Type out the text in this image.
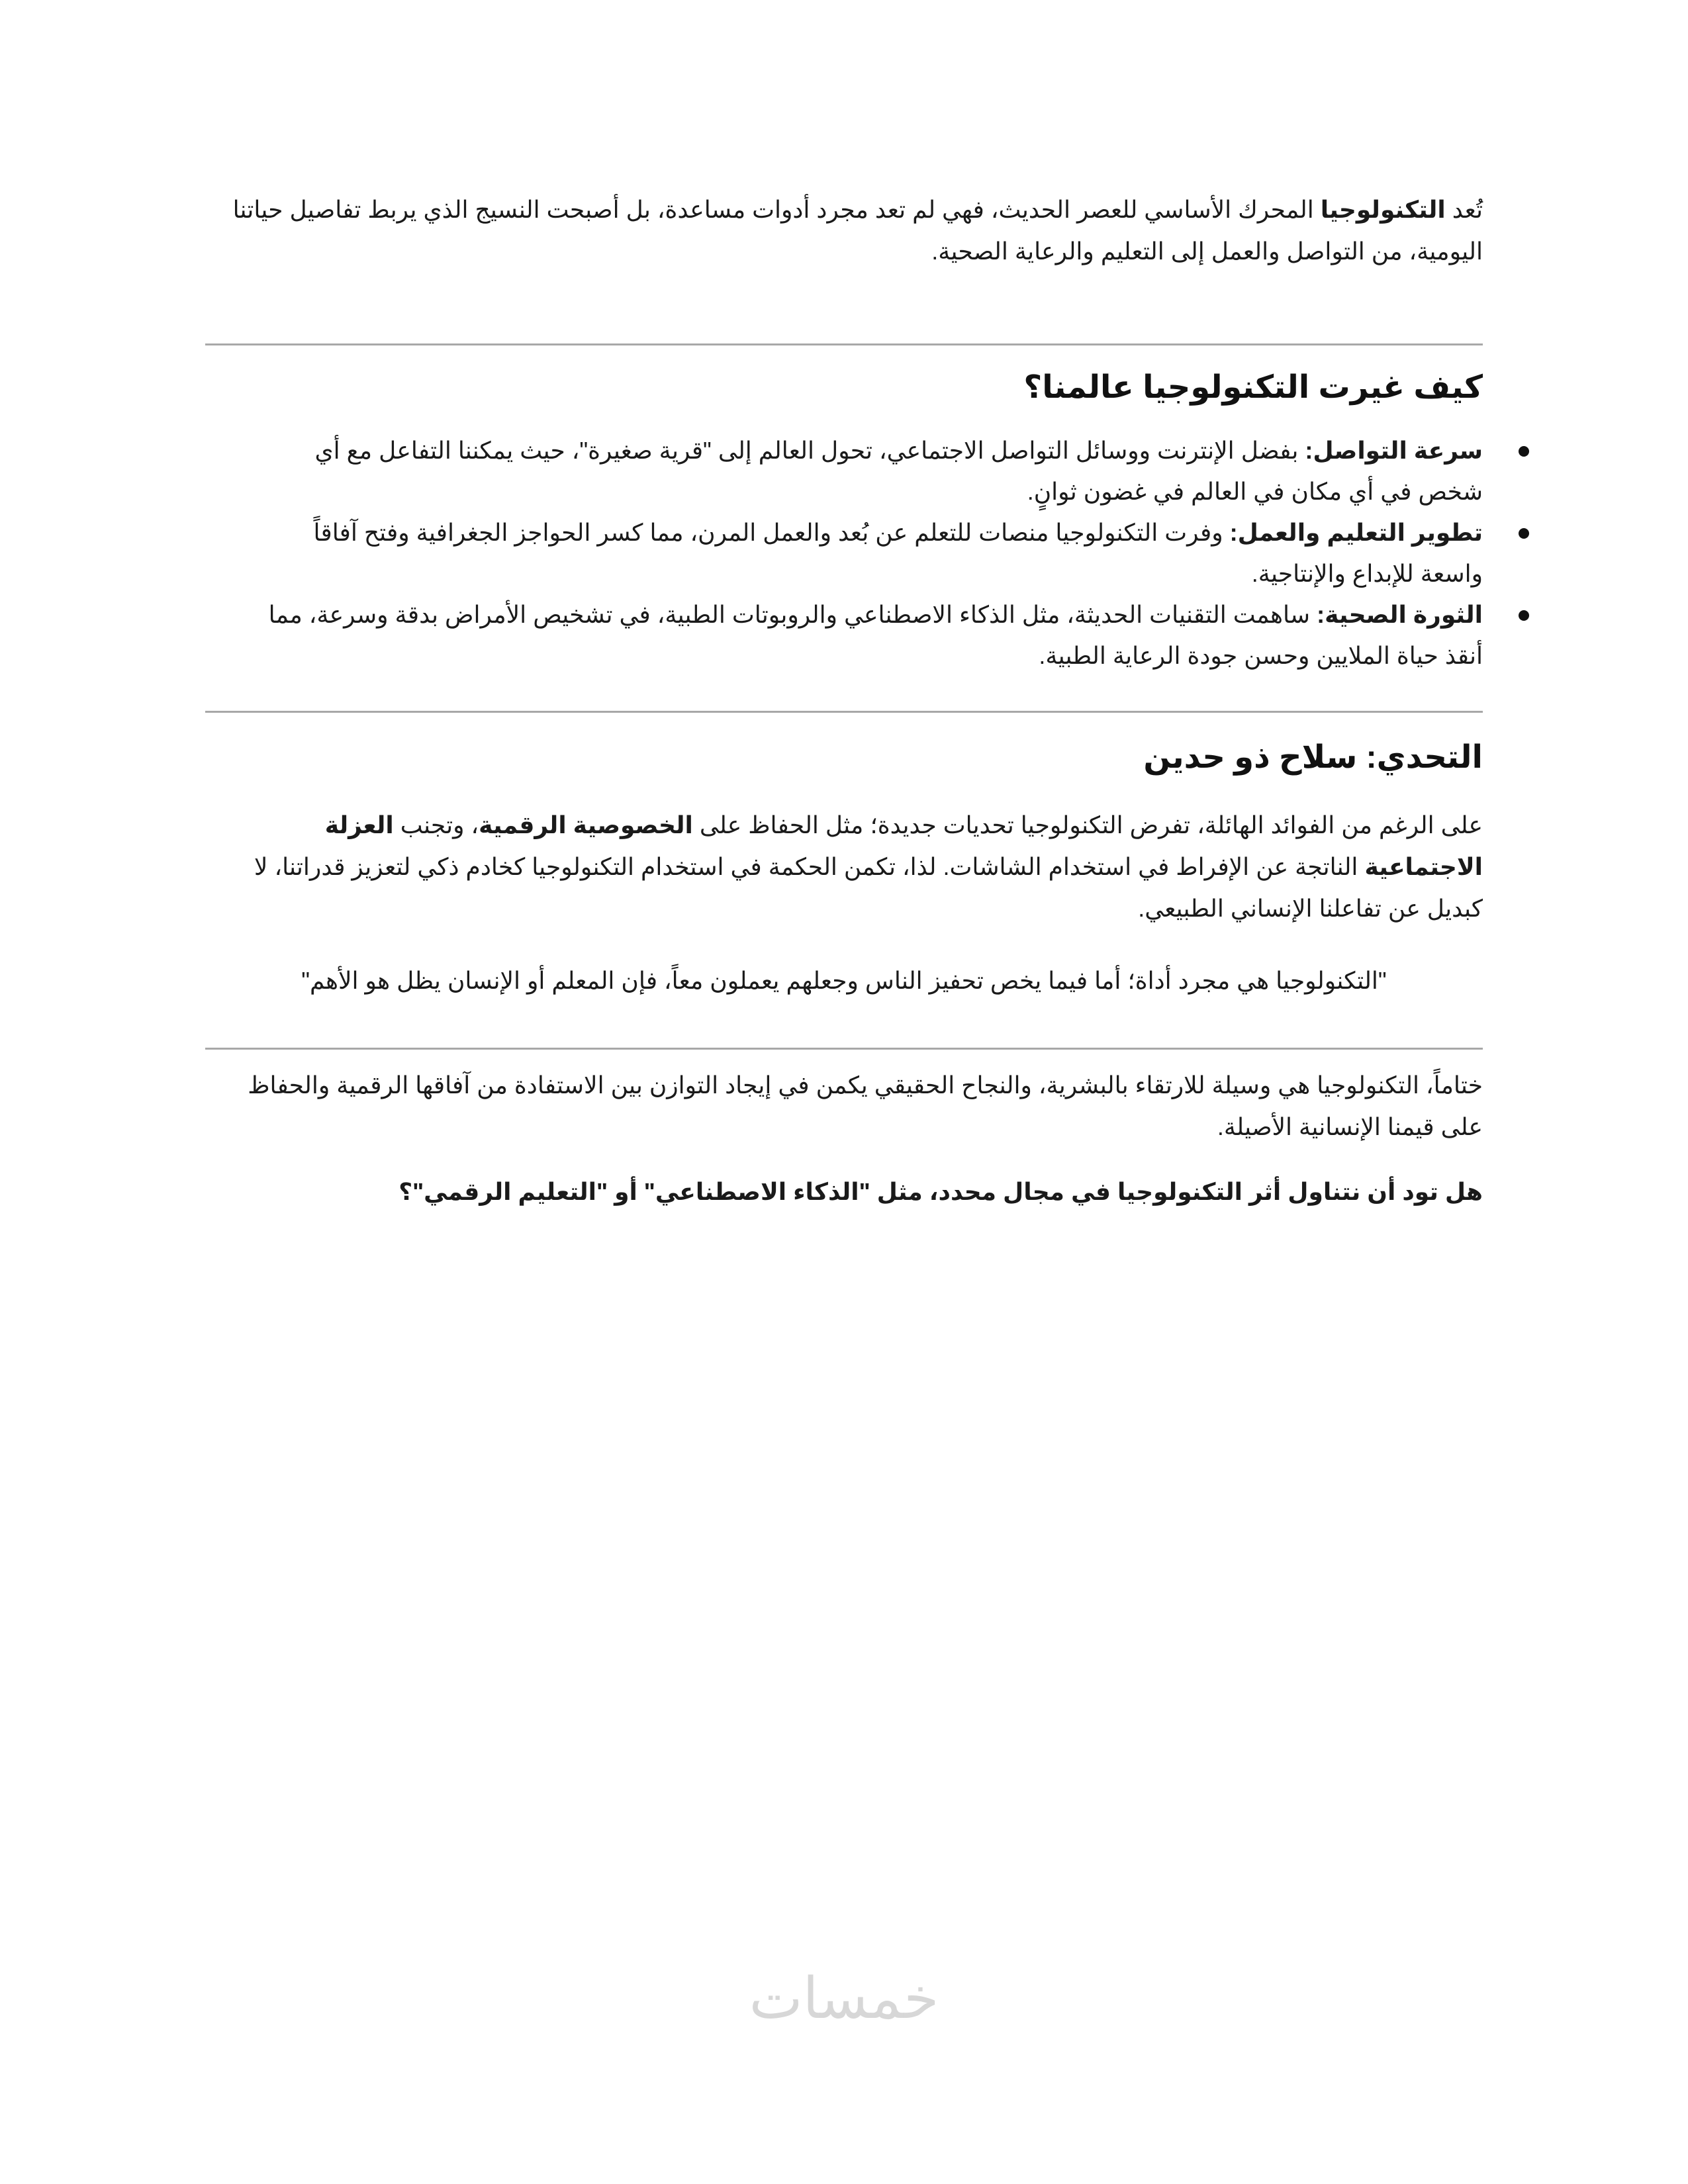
تُعد التكنولوجيا المحرك الأساسي للعصر الحديث، فهي لم تعد مجرد أدوات مساعدة، بل أصبحت النسيج الذي يربط تفاصيل حياتنا اليومية، من التواصل والعمل إلى التعليم والرعاية الصحية.

كيف غيرت التكنولوجيا عالمنا؟
سرعة التواصل: بفضل الإنترنت ووسائل التواصل الاجتماعي، تحول العالم إلى "قرية صغيرة"، حيث يمكننا التفاعل مع أي شخص في أي مكان في العالم في غضون ثوانٍ.
تطوير التعليم والعمل: وفرت التكنولوجيا منصات للتعلم عن بُعد والعمل المرن، مما كسر الحواجز الجغرافية وفتح آفاقاً واسعة للإبداع والإنتاجية.
الثورة الصحية: ساهمت التقنيات الحديثة، مثل الذكاء الاصطناعي والروبوتات الطبية، في تشخيص الأمراض بدقة وسرعة، مما أنقذ حياة الملايين وحسن جودة الرعاية الطبية.
التحدي: سلاح ذو حدين

على الرغم من الفوائد الهائلة، تفرض التكنولوجيا تحديات جديدة؛ مثل الحفاظ على الخصوصية الرقمية، وتجنب العزلة الاجتماعية الناتجة عن الإفراط في استخدام الشاشات. لذا، تكمن الحكمة في استخدام التكنولوجيا كخادم ذكي لتعزيز قدراتنا، لا كبديل عن تفاعلنا الإنساني الطبيعي.

"التكنولوجيا هي مجرد أداة؛ أما فيما يخص تحفيز الناس وجعلهم يعملون معاً، فإن المعلم أو الإنسان يظل هو الأهم"

ختاماً، التكنولوجيا هي وسيلة للارتقاء بالبشرية، والنجاح الحقيقي يكمن في إيجاد التوازن بين الاستفادة من آفاقها الرقمية والحفاظ على قيمنا الإنسانية الأصيلة.

هل تود أن نتناول أثر التكنولوجيا في مجال محدد، مثل "الذكاء الاصطناعي" أو "التعليم الرقمي"؟

خمسات
